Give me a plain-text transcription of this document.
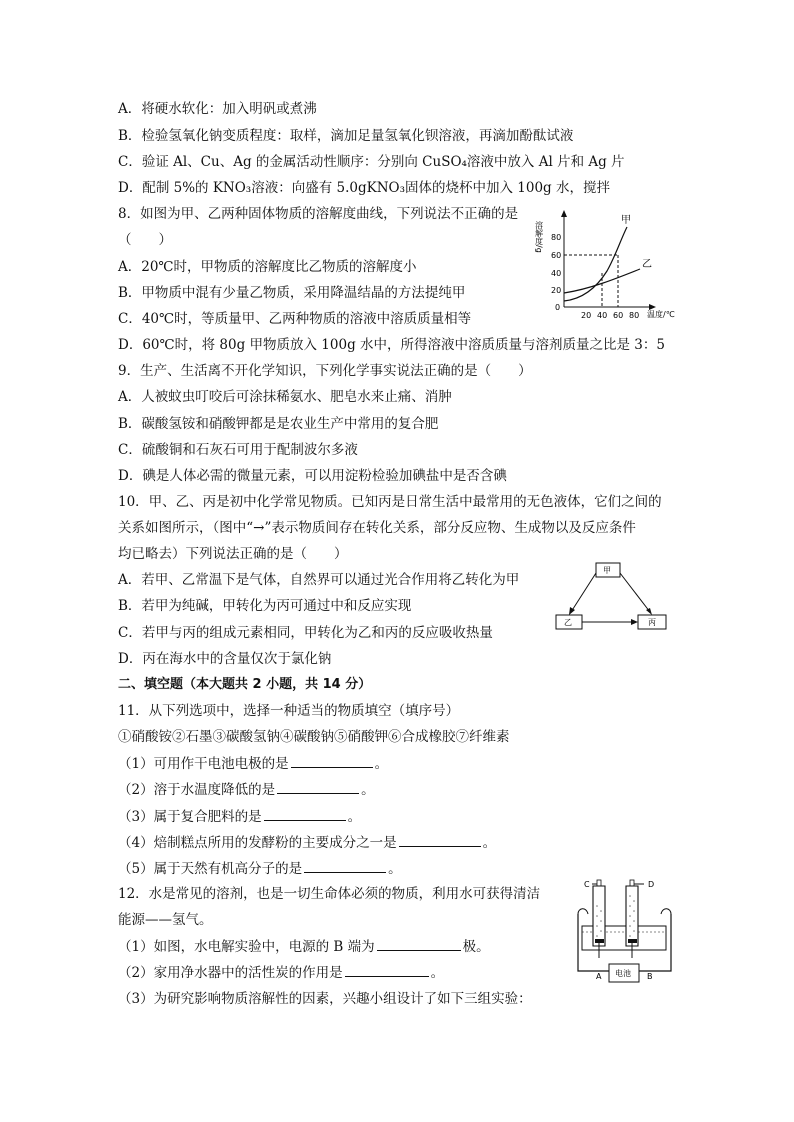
A．将硬水软化：加入明矾或煮沸
B．检验氢氧化钠变质程度：取样，滴加足量氢氧化钡溶液，再滴加酚酞试液
C．验证 Al、Cu、Ag 的金属活动性顺序：分别向 CuSO₄溶液中放入 Al 片和 Ag 片
D．配制 5%的 KNO₃溶液：向盛有 5.0gKNO₃固体的烧杯中加入 100g 水，搅拌
8．如图为甲、乙两种固体物质的溶解度曲线，下列说法不正确的是
（　　）
A．20℃时，甲物质的溶解度比乙物质的溶解度小
B．甲物质中混有少量乙物质，采用降温结晶的方法提纯甲
C．40℃时，等质量甲、乙两种物质的溶液中溶质质量相等
D．60℃时，将 80g 甲物质放入 100g 水中，所得溶液中溶质质量与溶剂质量之比是 3：5
溶解度/g 80
60
40
20
0
20 40 60 80 温度/℃
甲
乙
9．生产、生活离不开化学知识，下列化学事实说法正确的是（　　）
A．人被蚊虫叮咬后可涂抹稀氨水、肥皂水来止痛、消肿
B．碳酸氢铵和硝酸钾都是是农业生产中常用的复合肥
C．硫酸铜和石灰石可用于配制波尔多液
D．碘是人体必需的微量元素，可以用淀粉检验加碘盐中是否含碘
10．甲、乙、丙是初中化学常见物质。已知丙是日常生活中最常用的无色液体，它们之间的
关系如图所示，（图中“→”表示物质间存在转化关系，部分反应物、生成物以及反应条件
均已略去）下列说法正确的是（　　）
A．若甲、乙常温下是气体，自然界可以通过光合作用将乙转化为甲
B．若甲为纯碱，甲转化为丙可通过中和反应实现
C．若甲与丙的组成元素相同，甲转化为乙和丙的反应吸收热量
D．丙在海水中的含量仅次于氯化钠
甲
乙	丙
二、填空题（本大题共 2 小题，共 14 分）
11．从下列选项中，选择一种适当的物质填空（填序号）
①硝酸铵②石墨③碳酸氢钠④碳酸钠⑤硝酸钾⑥合成橡胶⑦纤维素
（1）可用作干电池电极的是	。
（2）溶于水温度降低的是	。
（3）属于复合肥料的是	。
（4）焙制糕点所用的发酵粉的主要成分之一是	。
（5）属于天然有机高分子的是	。
12．水是常见的溶剂，也是一切生命体必须的物质，利用水可获得清洁
能源——氢气。
（1）如图，水电解实验中，电源的 B 端为	极。
（2）家用净水器中的活性炭的作用是	。
（3）为研究影响物质溶解性的因素，兴趣小组设计了如下三组实验：
C	D
电池
A	B
